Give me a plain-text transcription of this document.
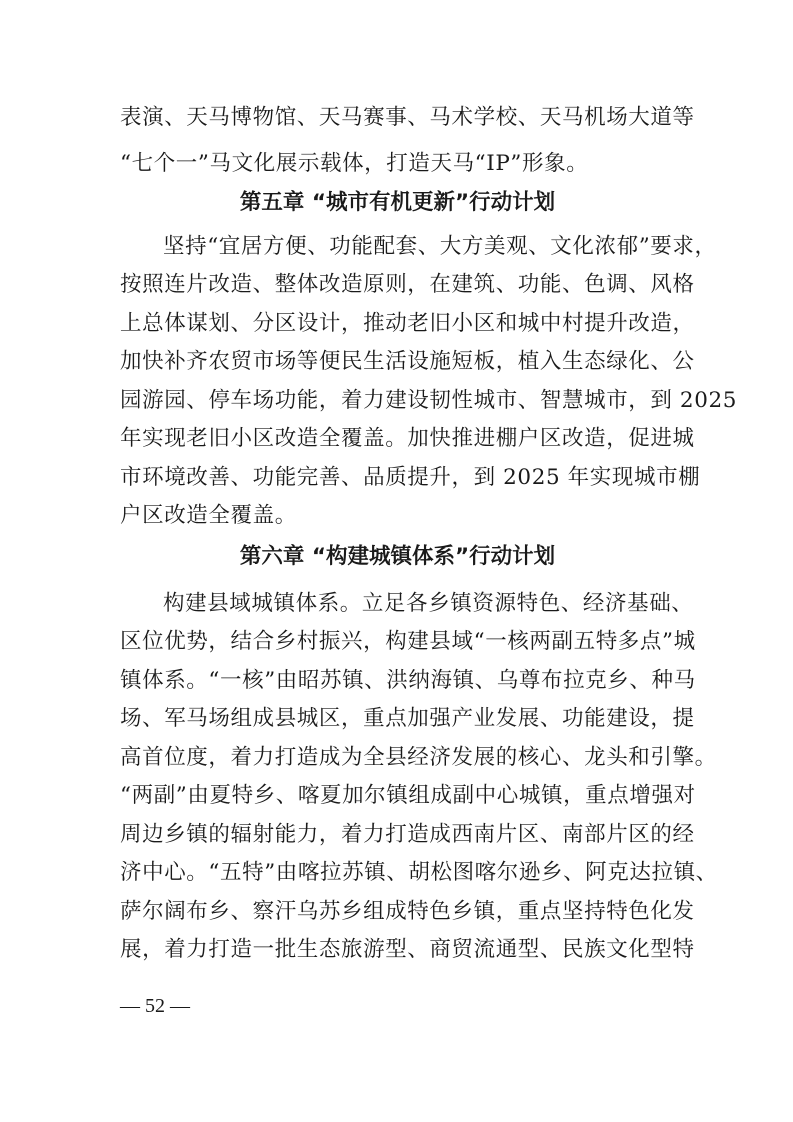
表演、天马博物馆、天马赛事、马术学校、天马机场大道等
“七个一”马文化展示载体，打造天马“IP”形象。
第五章 “城市有机更新”行动计划
坚持“宜居方便、功能配套、大方美观、文化浓郁”要求，
按照连片改造、整体改造原则，在建筑、功能、色调、风格
上总体谋划、分区设计，推动老旧小区和城中村提升改造，
加快补齐农贸市场等便民生活设施短板，植入生态绿化、公
园游园、停车场功能，着力建设韧性城市、智慧城市，到 2025
年实现老旧小区改造全覆盖。加快推进棚户区改造，促进城
市环境改善、功能完善、品质提升，到 2025 年实现城市棚
户区改造全覆盖。
第六章 “构建城镇体系”行动计划
构建县域城镇体系。立足各乡镇资源特色、经济基础、
区位优势，结合乡村振兴，构建县域“一核两副五特多点”城
镇体系。“一核”由昭苏镇、洪纳海镇、乌尊布拉克乡、种马
场、军马场组成县城区，重点加强产业发展、功能建设，提
高首位度，着力打造成为全县经济发展的核心、龙头和引擎。
“两副”由夏特乡、喀夏加尔镇组成副中心城镇，重点增强对
周边乡镇的辐射能力，着力打造成西南片区、南部片区的经
济中心。“五特”由喀拉苏镇、胡松图喀尔逊乡、阿克达拉镇、
萨尔阔布乡、察汗乌苏乡组成特色乡镇，重点坚持特色化发
展，着力打造一批生态旅游型、商贸流通型、民族文化型特
— 52 —
